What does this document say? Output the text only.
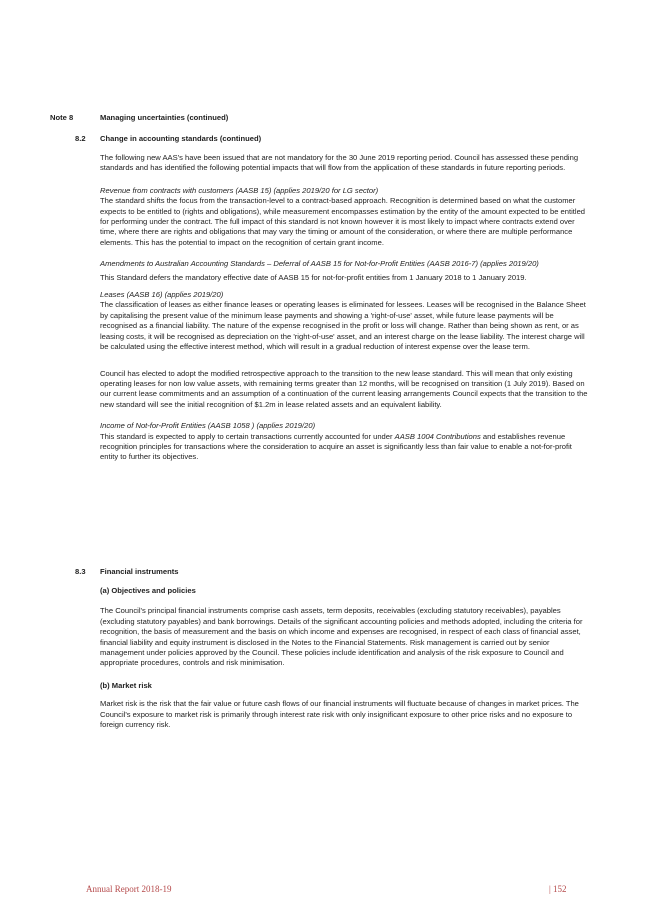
Note 8	Managing uncertainties (continued)
8.2 Change in accounting standards (continued)

The following new AAS's have been issued that are not mandatory for the 30 June 2019 reporting period. Council has assessed these pending standards and has identified the following potential impacts that will flow from the application of these standards in future reporting periods.

Revenue from contracts with customers (AASB 15) (applies 2019/20 for LG sector)

The standard shifts the focus from the transaction-level to a contract-based approach. Recognition is determined based on what the customer expects to be entitled to (rights and obligations), while measurement encompasses estimation by the entity of the amount expected to be entitled for performing under the contract. The full impact of this standard is not known however it is most likely to impact where contracts extend over time, where there are rights and obligations that may vary the timing or amount of the consideration, or where there are multiple performance elements. This has the potential to impact on the recognition of certain grant income.

Amendments to Australian Accounting Standards – Deferral of AASB 15 for Not-for-Profit Entities (AASB 2016-7) (applies 2019/20)

This Standard defers the mandatory effective date of AASB 15 for not-for-profit entities from 1 January 2018 to 1 January 2019.

Leases (AASB 16) (applies 2019/20)

The classification of leases as either finance leases or operating leases is eliminated for lessees. Leases will be recognised in the Balance Sheet by capitalising the present value of the minimum lease payments and showing a 'right-of-use' asset, while future lease payments will be recognised as a financial liability. The nature of the expense recognised in the profit or loss will change. Rather than being shown as rent, or as leasing costs, it will be recognised as depreciation on the 'right-of-use' asset, and an interest charge on the lease liability. The interest charge will be calculated using the effective interest method, which will result in a gradual reduction of interest expense over the lease term.

Council has elected to adopt the modified retrospective approach to the transition to the new lease standard. This will mean that only existing operating leases for non low value assets, with remaining terms greater than 12 months, will be recognised on transition (1 July 2019). Based on our current lease commitments and an assumption of a continuation of the current leasing arrangements Council expects that the transition to the new standard will see the initial recognition of $1.2m in lease related assets and an equivalent liability.

Income of Not-for-Profit Entities (AASB 1058 ) (applies 2019/20)

This standard is expected to apply to certain transactions currently accounted for under AASB 1004 Contributions and establishes revenue recognition principles for transactions where the consideration to acquire an asset is significantly less than fair value to enable a not-for-profit entity to further its objectives.

8.3 Financial instruments

(a) Objectives and policies

The Council's principal financial instruments comprise cash assets, term deposits, receivables (excluding statutory receivables), payables (excluding statutory payables) and bank borrowings. Details of the significant accounting policies and methods adopted, including the criteria for recognition, the basis of measurement and the basis on which income and expenses are recognised, in respect of each class of financial asset, financial liability and equity instrument is disclosed in the Notes to the Financial Statements. Risk management is carried out by senior management under policies approved by the Council. These policies include identification and analysis of the risk exposure to Council and appropriate procedures, controls and risk minimisation.

(b) Market risk

Market risk is the risk that the fair value or future cash flows of our financial instruments will fluctuate because of changes in market prices. The Council's exposure to market risk is primarily through interest rate risk with only insignificant exposure to other price risks and no exposure to foreign currency risk.

Annual Report 2018-19	| 152
